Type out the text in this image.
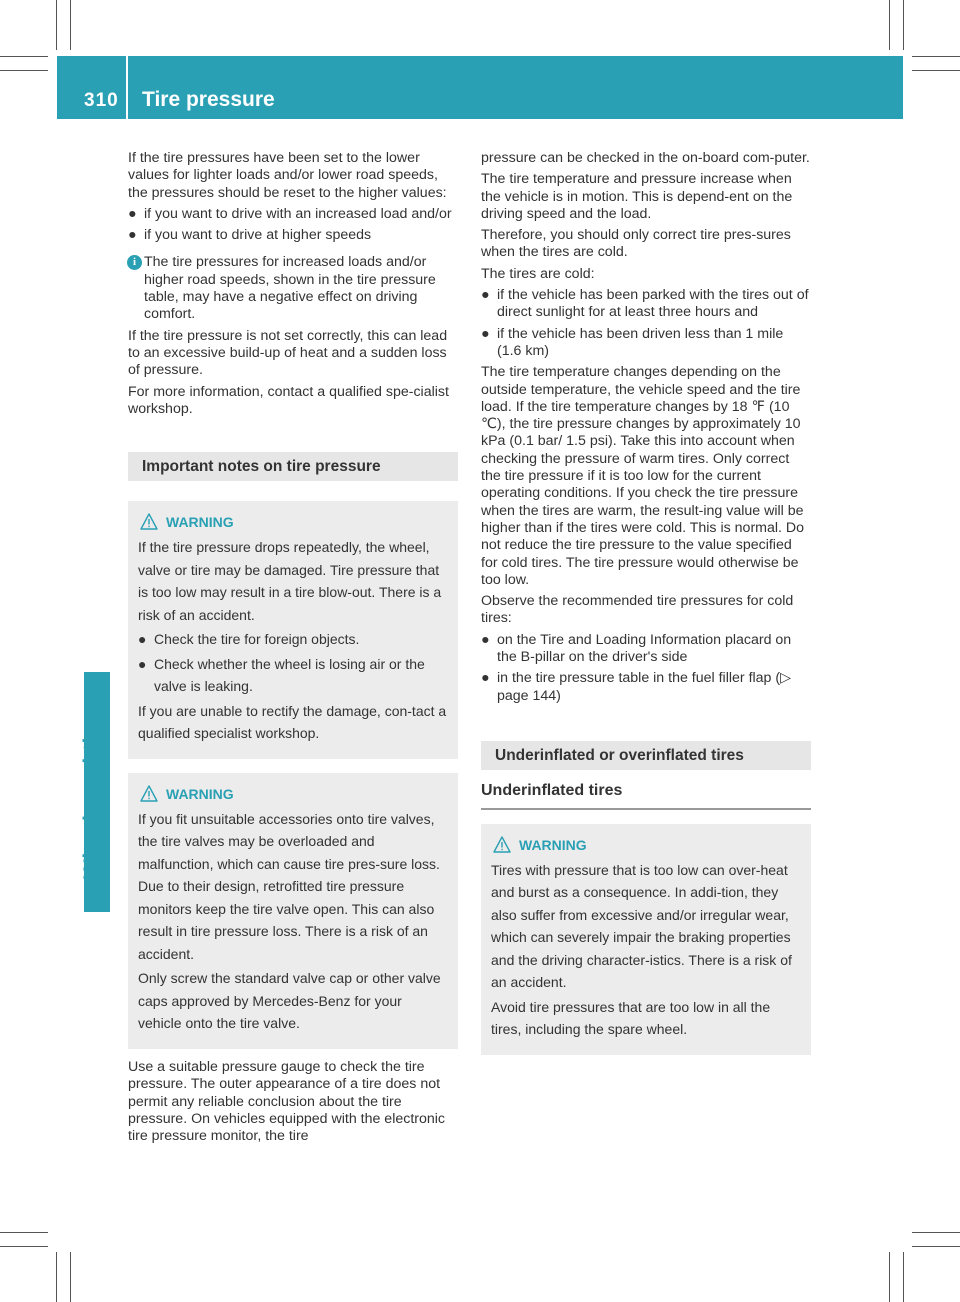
310 Tire pressure
Wheels and tires

If the tire pressures have been set to the lower values for lighter loads and/or lower road speeds, the pressures should be reset to the higher values:

● if you want to drive with an increased load and/or
● if you want to drive at higher speeds
i The tire pressures for increased loads and/or higher road speeds, shown in the tire pressure table, may have a negative effect on driving comfort.

If the tire pressure is not set correctly, this can lead to an excessive build-up of heat and a sudden loss of pressure.

For more information, contact a qualified spe-cialist workshop.

Important notes on tire pressure
WARNING

If the tire pressure drops repeatedly, the wheel, valve or tire may be damaged. Tire pressure that is too low may result in a tire blow-out. There is a risk of an accident.

● Check the tire for foreign objects.
● Check whether the wheel is losing air or the valve is leaking.

If you are unable to rectify the damage, con-tact a qualified specialist workshop.

WARNING

If you fit unsuitable accessories onto tire valves, the tire valves may be overloaded and malfunction, which can cause tire pres-sure loss. Due to their design, retrofitted tire pressure monitors keep the tire valve open. This can also result in tire pressure loss. There is a risk of an accident.

Only screw the standard valve cap or other valve caps approved by Mercedes-Benz for your vehicle onto the tire valve.

Use a suitable pressure gauge to check the tire pressure. The outer appearance of a tire does not permit any reliable conclusion about the tire pressure. On vehicles equipped with the electronic tire pressure monitor, the tire

pressure can be checked in the on-board com-puter.

The tire temperature and pressure increase when the vehicle is in motion. This is depend-ent on the driving speed and the load.

Therefore, you should only correct tire pres-sures when the tires are cold.

The tires are cold:

● if the vehicle has been parked with the tires out of direct sunlight for at least three hours and
● if the vehicle has been driven less than 1 mile (1.6 km)

The tire temperature changes depending on the outside temperature, the vehicle speed and the tire load. If the tire temperature changes by 18 ℉ (10 ℃), the tire pressure changes by approximately 10 kPa (0.1 bar/ 1.5 psi). Take this into account when checking the pressure of warm tires. Only correct the tire pressure if it is too low for the current operating conditions. If you check the tire pressure when the tires are warm, the result-ing value will be higher than if the tires were cold. This is normal. Do not reduce the tire pressure to the value specified for cold tires. The tire pressure would otherwise be too low.

Observe the recommended tire pressures for cold tires:

● on the Tire and Loading Information placard on the B-pillar on the driver's side
● in the tire pressure table in the fuel filler flap (▷ page 144)
Underinflated or overinflated tires
Underinflated tires
WARNING

Tires with pressure that is too low can over-heat and burst as a consequence. In addi-tion, they also suffer from excessive and/or irregular wear, which can severely impair the braking properties and the driving character-istics. There is a risk of an accident.

Avoid tire pressures that are too low in all the tires, including the spare wheel.
